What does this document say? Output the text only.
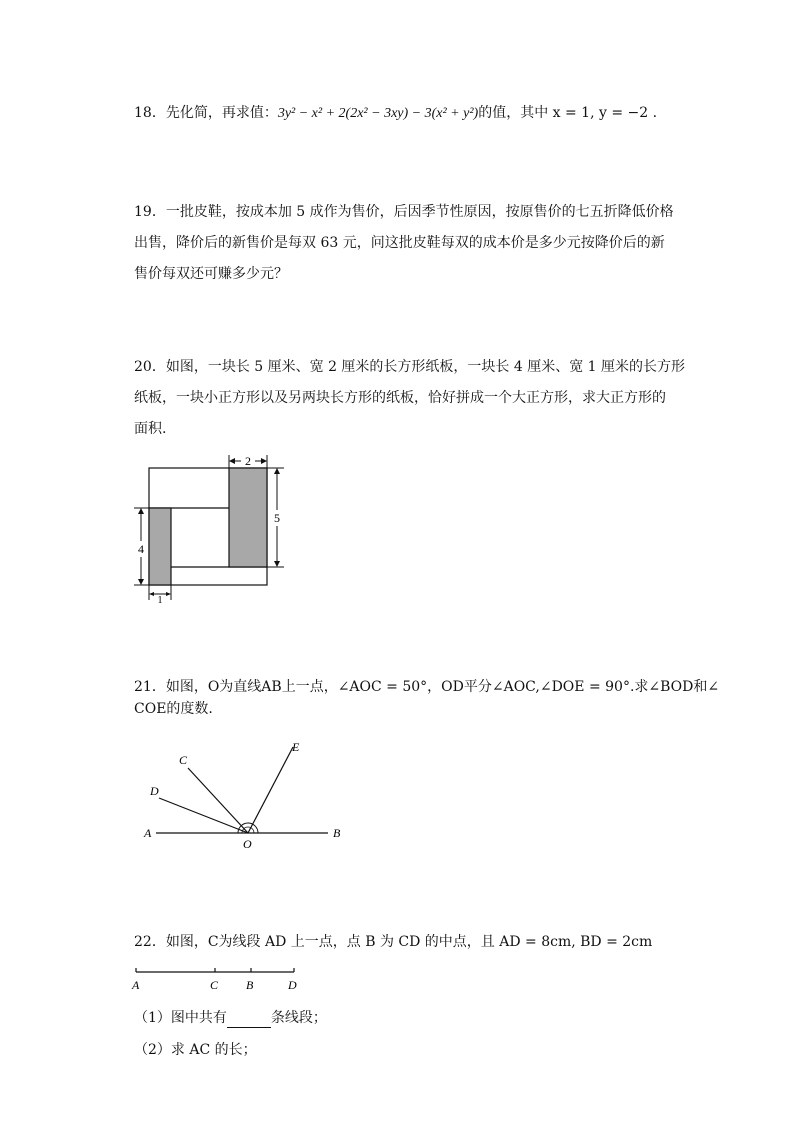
18．先化简，再求值：3y² − x² + 2(2x² − 3xy) − 3(x² + y²)的值，其中 x = 1, y = −2 .
19．一批皮鞋，按成本加 5 成作为售价，后因季节性原因，按原售价的七五折降低价格
出售，降价后的新售价是每双 63 元，问这批皮鞋每双的成本价是多少元按降价后的新
售价每双还可赚多少元？
20．如图，一块长 5 厘米、宽 2 厘米的长方形纸板，一块长 4 厘米、宽 1 厘米的长方形
纸板，一块小正方形以及另两块长方形的纸板，恰好拼成一个大正方形，求大正方形的
面积.
2
5
4
1
21．如图，O为直线AB上一点，∠AOC = 50°，OD平分∠AOC,∠DOE = 90°.求∠BOD和∠
COE的度数.
A	B
C
D
E
O
22．如图，C为线段 AD 上一点，点 B 为 CD 的中点，且 AD = 8cm, BD = 2cm
A	C B	D
（1）图中共有	条线段；
（2）求 AC 的长；
